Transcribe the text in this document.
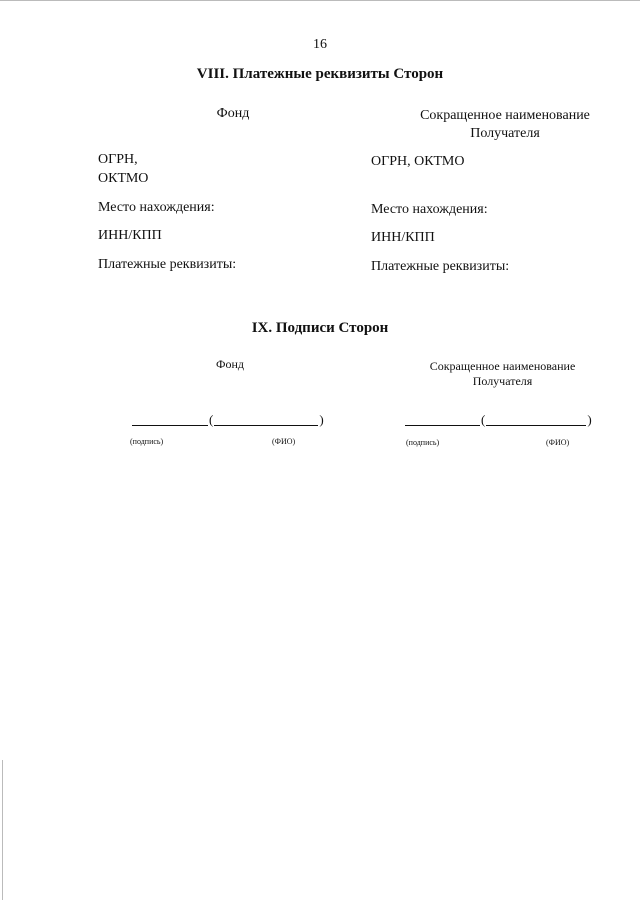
16
VIII. Платежные реквизиты Сторон
Фонд	Сокращенное наименование
Получателя
ОГРН,
ОКТМО
ОГРН, ОКТМО
Место нахождения:	Место нахождения:
ИНН/КПП	ИНН/КПП
Платежные реквизиты:	Платежные реквизиты:
IX. Подписи Сторон
Фонд	Сокращенное наименование
Получателя
(	)
(подпись)	(ФИО)
(	)
(подпись)	(ФИО)
